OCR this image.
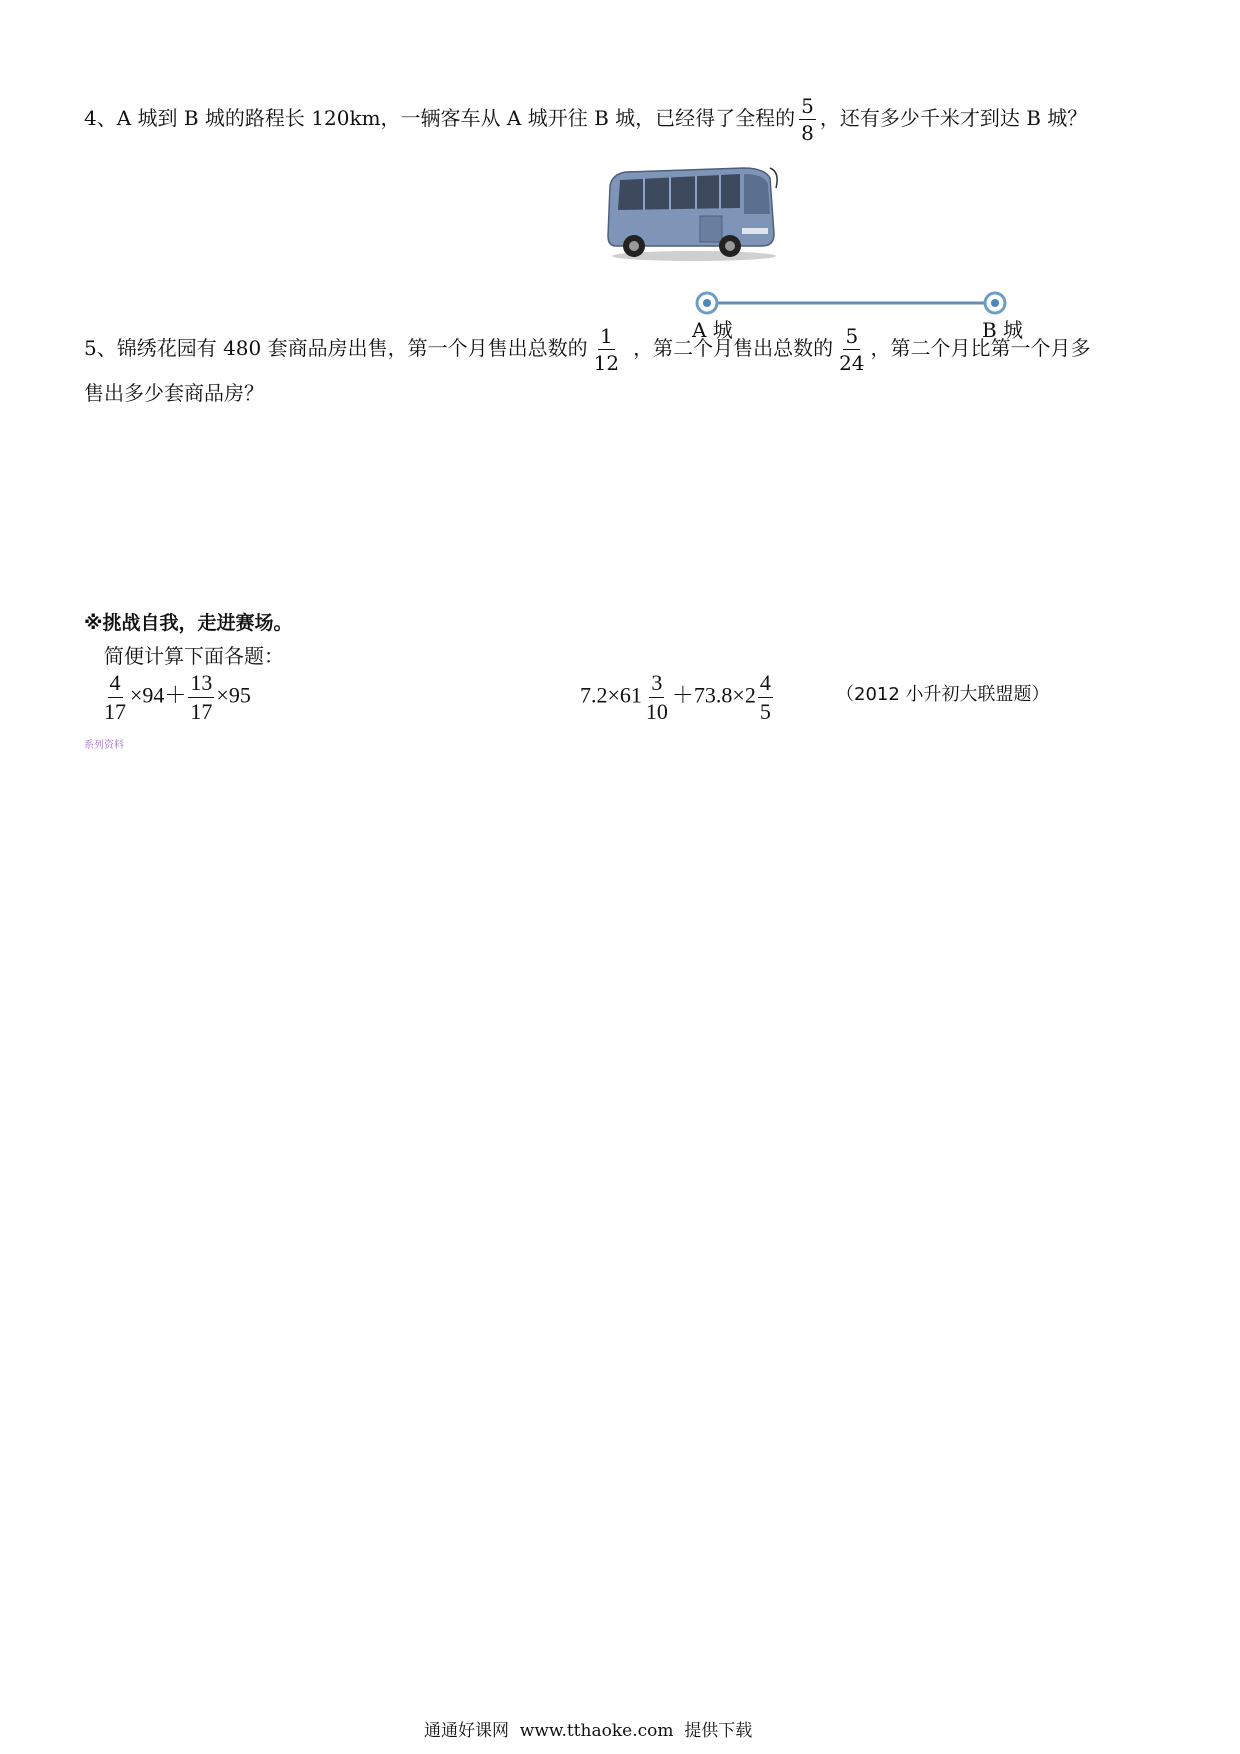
4、A 城到 B 城的路程长 120km，一辆客车从 A 城开往 B 城，已经得了全程的 $\frac{5}{8}$ ，还有多少千米才到达 B 城？
A 城	B 城
5、锦绣花园有 480 套商品房出售，第一个月售出总数的 $\frac{1}{12}$ ，第二个月售出总数的 $\frac{5}{24}$ ，第二个月比第一个月多
售出多少套商品房？
※挑战自我，走进赛场。
简便计算下面各题：
$\frac{4}{17} \times 94+ \frac{13}{17} \times 95$	$7.2\times 61 \frac{3}{10} +73.8\times 2 \frac{4}{5}$	（2012 小升初大联盟题）
系列资料
通通好课网  www.tthaoke.com  提供下载
